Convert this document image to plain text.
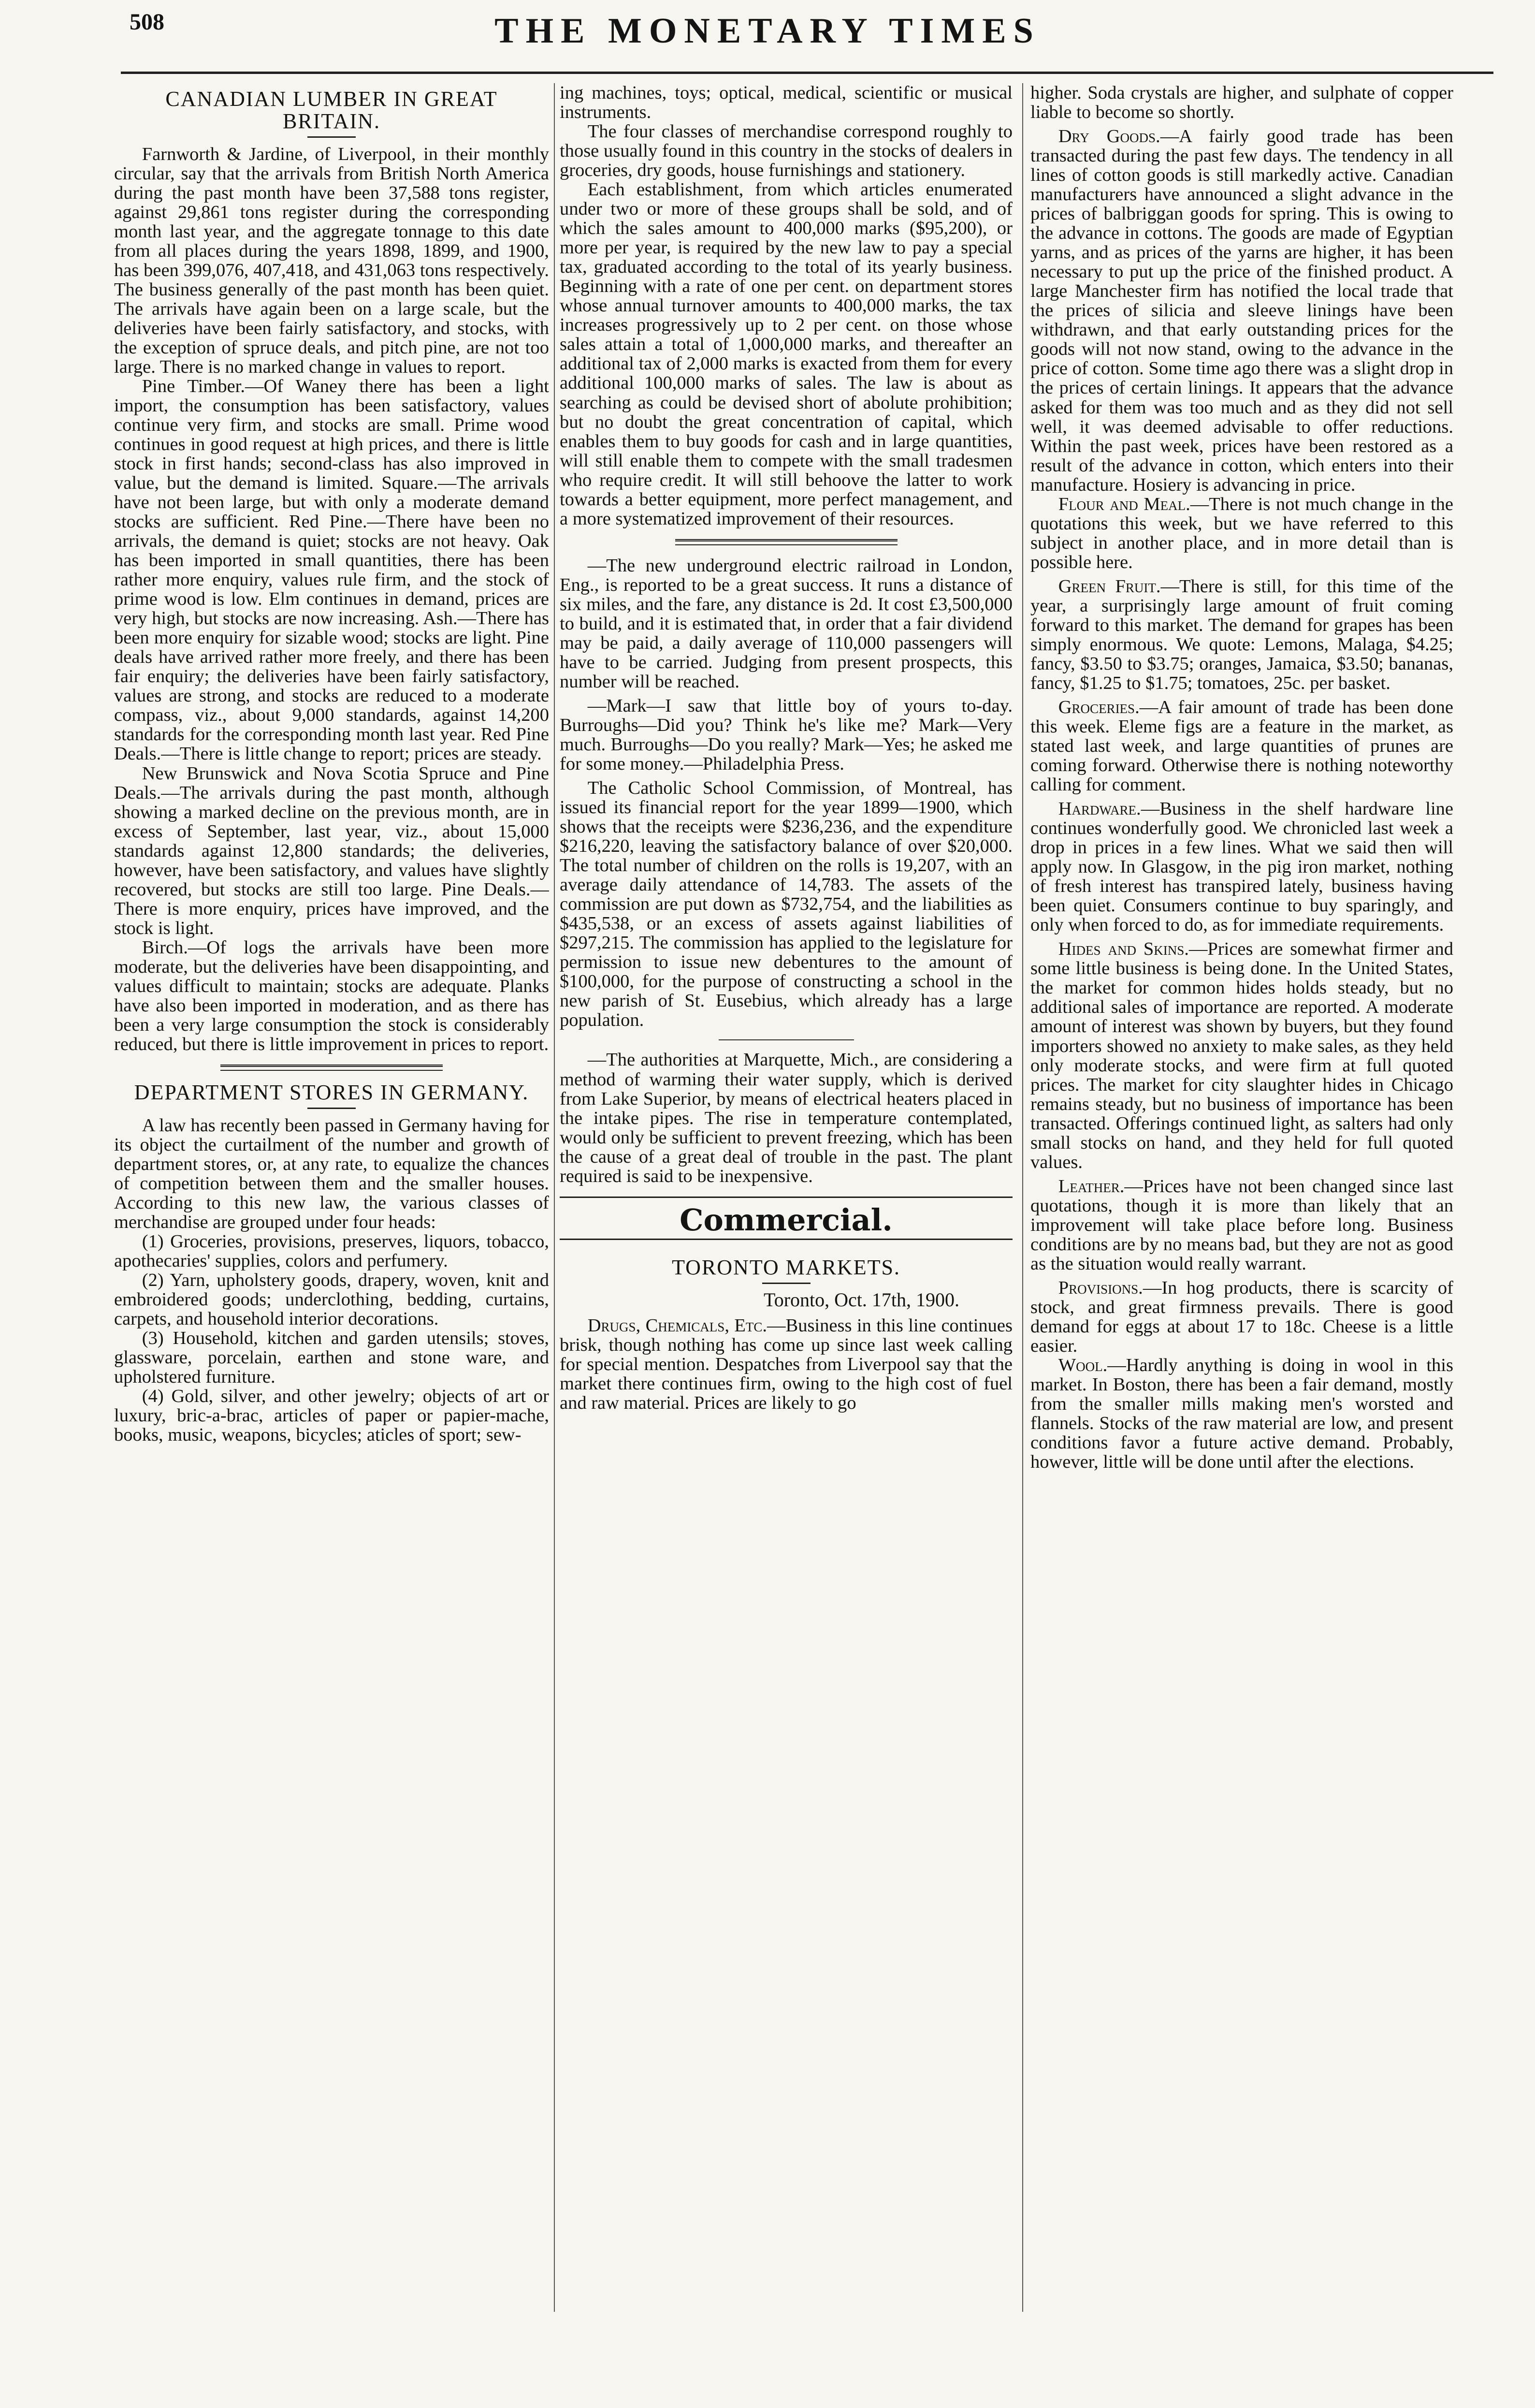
508	THE MONETARY TIMES

CANADIAN LUMBER IN GREAT BRITAIN.

Farnworth & Jardine, of Liverpool, in their monthly circular, say that the arrivals from British North America during the past month have been 37,588 tons register, against 29,861 tons register during the corresponding month last year, and the aggregate tonnage to this date from all places during the years 1898, 1899, and 1900, has been 399,076, 407,418, and 431,063 tons respectively. The business generally of the past month has been quiet. The arrivals have again been on a large scale, but the deliveries have been fairly satisfactory, and stocks, with the exception of spruce deals, and pitch pine, are not too large. There is no marked change in values to report.

Pine Timber.—Of Waney there has been a light import, the consumption has been satisfactory, values continue very firm, and stocks are small. Prime wood continues in good request at high prices, and there is little stock in first hands; second-class has also improved in value, but the demand is limited. Square.—The arrivals have not been large, but with only a moderate demand stocks are sufficient. Red Pine.—There have been no arrivals, the demand is quiet; stocks are not heavy. Oak has been imported in small quantities, there has been rather more enquiry, values rule firm, and the stock of prime wood is low. Elm continues in demand, prices are very high, but stocks are now increasing. Ash.—There has been more enquiry for sizable wood; stocks are light. Pine deals have arrived rather more freely, and there has been fair enquiry; the deliveries have been fairly satisfactory, values are strong, and stocks are reduced to a moderate compass, viz., about 9,000 standards, against 14,200 standards for the corresponding month last year. Red Pine Deals.—There is little change to report; prices are steady.

New Brunswick and Nova Scotia Spruce and Pine Deals.—The arrivals during the past month, although showing a marked decline on the previous month, are in excess of September, last year, viz., about 15,000 standards against 12,800 standards; the deliveries, however, have been satisfactory, and values have slightly recovered, but stocks are still too large. Pine Deals.—There is more enquiry, prices have improved, and the stock is light.

Birch.—Of logs the arrivals have been more moderate, but the deliveries have been disappointing, and values difficult to maintain; stocks are adequate. Planks have also been imported in moderation, and as there has been a very large consumption the stock is considerably reduced, but there is little improvement in prices to report.

DEPARTMENT STORES IN GERMANY.

A law has recently been passed in Germany having for its object the curtailment of the number and growth of department stores, or, at any rate, to equalize the chances of competition between them and the smaller houses. According to this new law, the various classes of merchandise are grouped under four heads:

(1) Groceries, provisions, preserves, liquors, tobacco, apothecaries' supplies, colors and perfumery.

(2) Yarn, upholstery goods, drapery, woven, knit and embroidered goods; underclothing, bedding, curtains, carpets, and household interior decorations.

(3) Household, kitchen and garden utensils; stoves, glassware, porcelain, earthen and stone ware, and upholstered furniture.

(4) Gold, silver, and other jewelry; objects of art or luxury, bric-a-brac, articles of paper or papier-mache, books, music, weapons, bicycles; aticles of sport; sew-

ing machines, toys; optical, medical, scientific or musical instruments.

The four classes of merchandise correspond roughly to those usually found in this country in the stocks of dealers in groceries, dry goods, house furnishings and stationery.

Each establishment, from which articles enumerated under two or more of these groups shall be sold, and of which the sales amount to 400,000 marks ($95,200), or more per year, is required by the new law to pay a special tax, graduated according to the total of its yearly business. Beginning with a rate of one per cent. on department stores whose annual turnover amounts to 400,000 marks, the tax increases progressively up to 2 per cent. on those whose sales attain a total of 1,000,000 marks, and thereafter an additional tax of 2,000 marks is exacted from them for every additional 100,000 marks of sales. The law is about as searching as could be devised short of abolute prohibition; but no doubt the great concentration of capital, which enables them to buy goods for cash and in large quantities, will still enable them to compete with the small tradesmen who require credit. It will still behoove the latter to work towards a better equipment, more perfect management, and a more systematized improvement of their resources.

—The new underground electric railroad in London, Eng., is reported to be a great success. It runs a distance of six miles, and the fare, any distance is 2d. It cost £3,500,000 to build, and it is estimated that, in order that a fair dividend may be paid, a daily average of 110,000 passengers will have to be carried. Judging from present prospects, this number will be reached.

—Mark—I saw that little boy of yours to-day. Burroughs—Did you? Think he's like me? Mark—Very much. Burroughs—Do you really? Mark—Yes; he asked me for some money.—Philadelphia Press.

The Catholic School Commission, of Montreal, has issued its financial report for the year 1899—1900, which shows that the receipts were $236,236, and the expenditure $216,220, leaving the satisfactory balance of over $20,000. The total number of children on the rolls is 19,207, with an average daily attendance of 14,783. The assets of the commission are put down as $732,754, and the liabilities as $435,538, or an excess of assets against liabilities of $297,215. The commission has applied to the legislature for permission to issue new debentures to the amount of $100,000, for the purpose of constructing a school in the new parish of St. Eusebius, which already has a large population.

—The authorities at Marquette, Mich., are considering a method of warming their water supply, which is derived from Lake Superior, by means of electrical heaters placed in the intake pipes. The rise in temperature contemplated, would only be sufficient to prevent freezing, which has been the cause of a great deal of trouble in the past. The plant required is said to be inexpensive.

Commercial.

TORONTO MARKETS.

Toronto, Oct. 17th, 1900.

Drugs, Chemicals, Etc.—Business in this line continues brisk, though nothing has come up since last week calling for special mention. Despatches from Liverpool say that the market there continues firm, owing to the high cost of fuel and raw material. Prices are likely to go

higher. Soda crystals are higher, and sulphate of copper liable to become so shortly.

Dry Goods.—A fairly good trade has been transacted during the past few days. The tendency in all lines of cotton goods is still markedly active. Canadian manufacturers have announced a slight advance in the prices of balbriggan goods for spring. This is owing to the advance in cottons. The goods are made of Egyptian yarns, and as prices of the yarns are higher, it has been necessary to put up the price of the finished product. A large Manchester firm has notified the local trade that the prices of silicia and sleeve linings have been withdrawn, and that early outstanding prices for the goods will not now stand, owing to the advance in the price of cotton. Some time ago there was a slight drop in the prices of certain linings. It appears that the advance asked for them was too much and as they did not sell well, it was deemed advisable to offer reductions. Within the past week, prices have been restored as a result of the advance in cotton, which enters into their manufacture. Hosiery is advancing in price.

Flour and Meal.—There is not much change in the quotations this week, but we have referred to this subject in another place, and in more detail than is possible here.

Green Fruit.—There is still, for this time of the year, a surprisingly large amount of fruit coming forward to this market. The demand for grapes has been simply enormous. We quote: Lemons, Malaga, $4.25; fancy, $3.50 to $3.75; oranges, Jamaica, $3.50; bananas, fancy, $1.25 to $1.75; tomatoes, 25c. per basket.

Groceries.—A fair amount of trade has been done this week. Eleme figs are a feature in the market, as stated last week, and large quantities of prunes are coming forward. Otherwise there is nothing noteworthy calling for comment.

Hardware.—Business in the shelf hardware line continues wonderfully good. We chronicled last week a drop in prices in a few lines. What we said then will apply now. In Glasgow, in the pig iron market, nothing of fresh interest has transpired lately, business having been quiet. Consumers continue to buy sparingly, and only when forced to do, as for immediate requirements.

Hides and Skins.—Prices are somewhat firmer and some little business is being done. In the United States, the market for common hides holds steady, but no additional sales of importance are reported. A moderate amount of interest was shown by buyers, but they found importers showed no anxiety to make sales, as they held only moderate stocks, and were firm at full quoted prices. The market for city slaughter hides in Chicago remains steady, but no business of importance has been transacted. Offerings continued light, as salters had only small stocks on hand, and they held for full quoted values.

Leather.—Prices have not been changed since last quotations, though it is more than likely that an improvement will take place before long. Business conditions are by no means bad, but they are not as good as the situation would really warrant.

Provisions.—In hog products, there is scarcity of stock, and great firmness prevails. There is good demand for eggs at about 17 to 18c. Cheese is a little easier.

Wool.—Hardly anything is doing in wool in this market. In Boston, there has been a fair demand, mostly from the smaller mills making men's worsted and flannels. Stocks of the raw material are low, and present conditions favor a future active demand. Probably, however, little will be done until after the elections.
